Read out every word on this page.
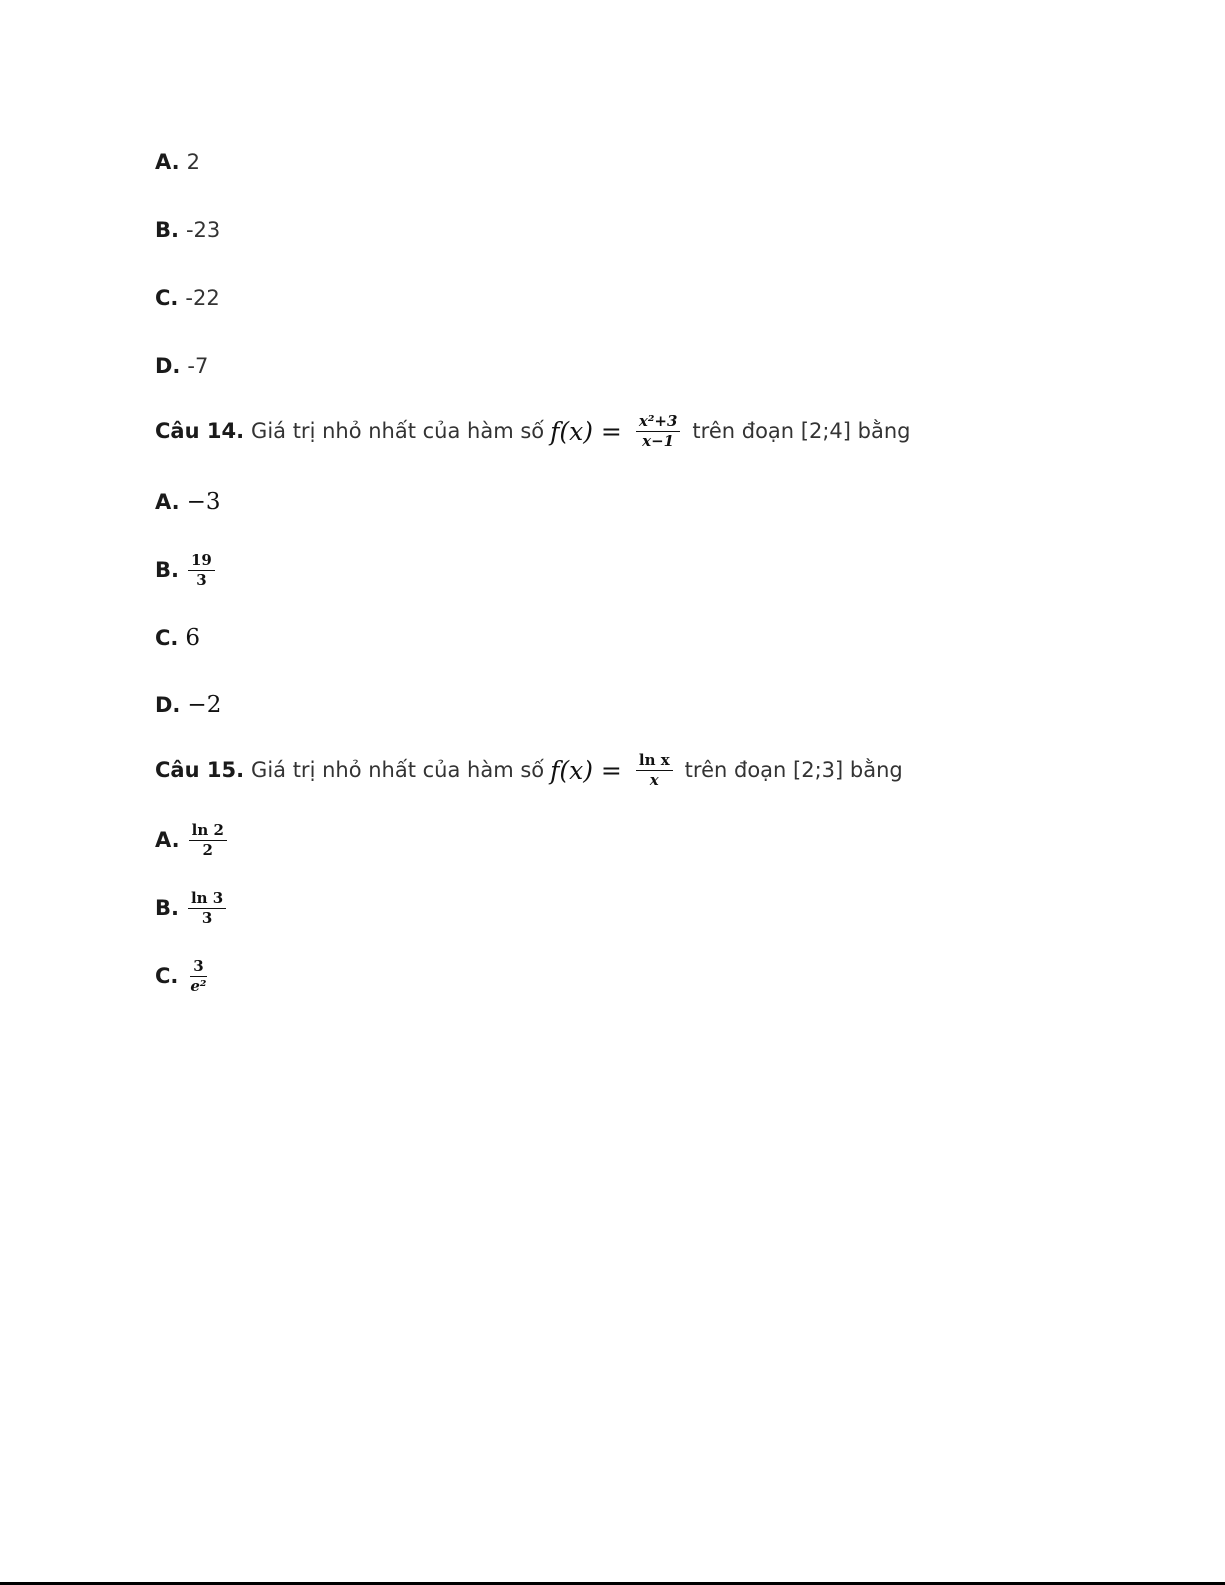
A. 2
B. -23
C. -22
D. -7
Câu 14. Giá trị nhỏ nhất của hàm số $f(x) = \frac{\text{x²+3}}{x-1}$ trên đoạn [2;4] bằng
A. −3
B. $\frac{19}{3}$
C. 6
D. −2
Câu 15. Giá trị nhỏ nhất của hàm số $f(x) = \frac{\text{ln x}}{x}$ trên đoạn [2;3] bằng
A. $\frac{\ln 2}{2}$
B. $\frac{\ln 3}{3}$
C. $\frac{3}{\text{e²}}$
